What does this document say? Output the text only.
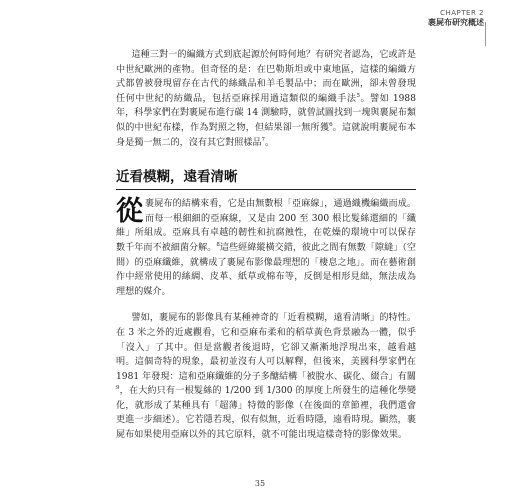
CHAPTER 2
裹屍布研究概述

這種三對一的編織方式到底起源於何時何地？有研究者認為，它或許是中世紀歐洲的產物。但奇怪的是：在巴勒斯坦或中東地區，這樣的編織方式都曾被發現留存在古代的絲織品和羊毛製品中；而在歐洲，卻未曾發現任何中世紀的紡織品，包括亞麻採用過這類似的編織手法$^5$。譬如 1988 年，科學家們在對裹屍布進行碳 14 測驗時，就曾試圖找到一塊與裹屍布類似的中世紀布樣，作為對照之物，但結果卻一無所獲$^6$。這就說明裹屍布本身是獨一無二的，沒有其它對照樣品$^7$。

近看模糊，遠看清晰

從裹屍布的結構來看，它是由無數根「亞麻線」，通過織機編織而成。而每一根細細的亞麻線，又是由 200 至 300 根比髮絲還細的「纖維」所組成。亞麻具有卓越的韌性和抗腐蝕性，在乾燥的環境中可以保存數千年而不被細菌分解。$^8$這些經緯縱橫交錯，彼此之間有無數「隙縫」（空間）的亞麻纖維，就構成了裹屍布影像最理想的「棲息之地」。而在藝術創作中經常使用的絲綢、皮革、紙草或棉布等，反倒是相形見絀，無法成為理想的媒介。

譬如，裹屍布的影像具有某種神奇的「近看模糊，遠看清晰」的特性。在 3 米之外的近處觀看，它和亞麻布柔和的稻草黃色背景融為一體，似乎「沒入」了其中。但是當觀者後退時，它卻又漸漸地浮現出來，越看越明。這個奇特的現象，最初並沒有人可以解釋，但後來，美國科學家們在 1981 年發現：這和亞麻纖維的分子多醣結構「被脫水、碳化、綴合」有關$^9$，在大約只有一根髮絲的 1/200 到 1/300 的厚度上所發生的這種化學變化，就形成了某種具有「超薄」特徵的影像（在後面的章節裡，我們還會更進一步細述）。它若隱若現，似有似無，近看時隱，遠看時現。顯然，裹屍布如果使用亞麻以外的其它原料，就不可能出現這樣奇特的影像效果。

35
